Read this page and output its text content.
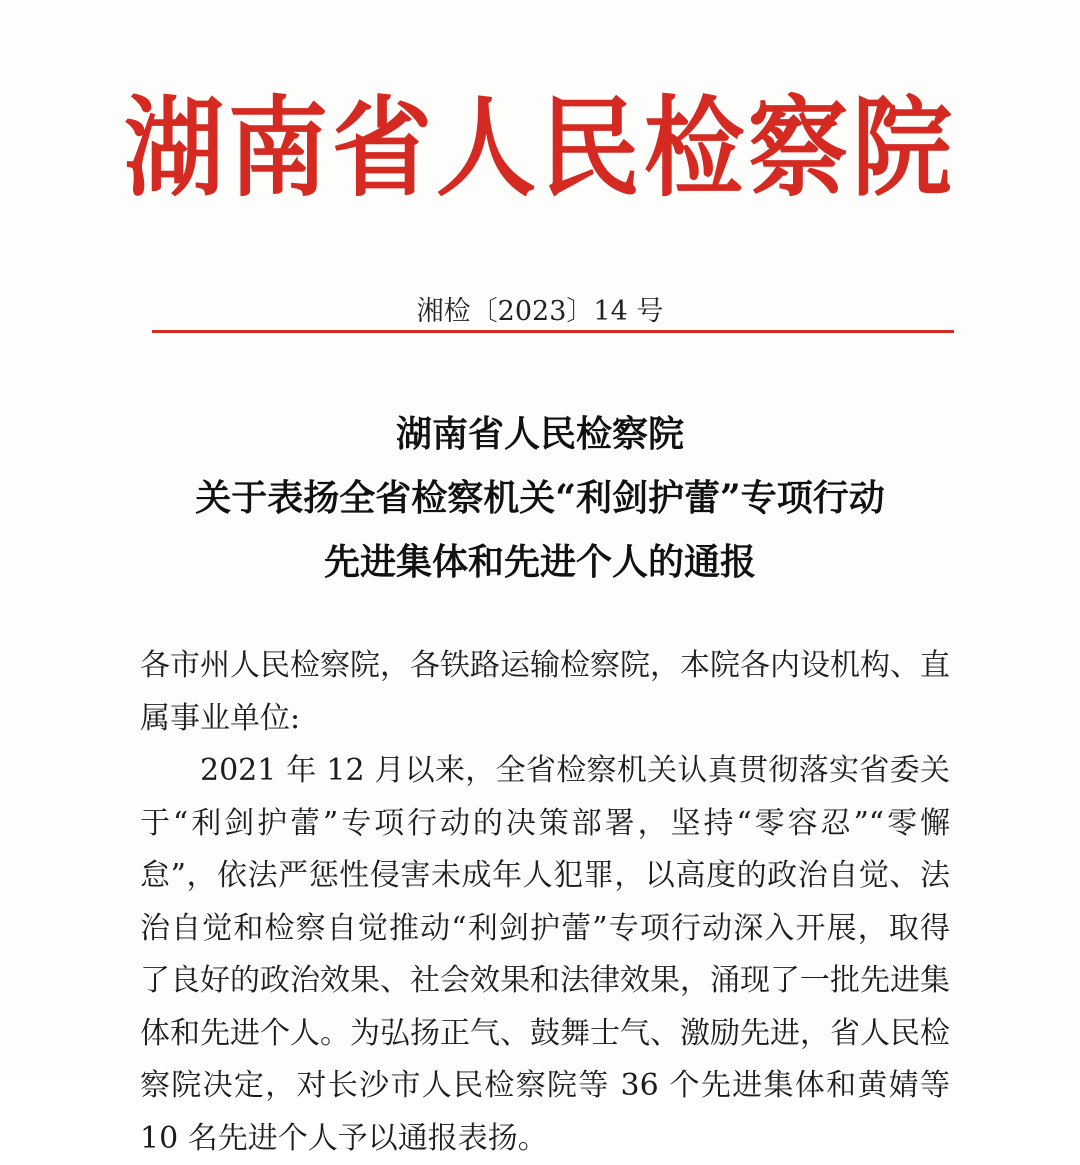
湖南省人民检察院
湘检〔2023〕14 号
湖南省人民检察院
关于表扬全省检察机关“利剑护蕾”专项行动
先进集体和先进个人的通报

各市州人民检察院，各铁路运输检察院，本院各内设机构、直属事业单位:

2021 年 12 月以来，全省检察机关认真贯彻落实省委关于“利剑护蕾”专项行动的决策部署，坚持“零容忍”“零懈怠”，依法严惩性侵害未成年人犯罪，以高度的政治自觉、法治自觉和检察自觉推动“利剑护蕾”专项行动深入开展，取得了良好的政治效果、社会效果和法律效果，涌现了一批先进集体和先进个人。为弘扬正气、鼓舞士气、激励先进，省人民检察院决定，对长沙市人民检察院等 36 个先进集体和黄婧等 10 名先进个人予以通报表扬。
